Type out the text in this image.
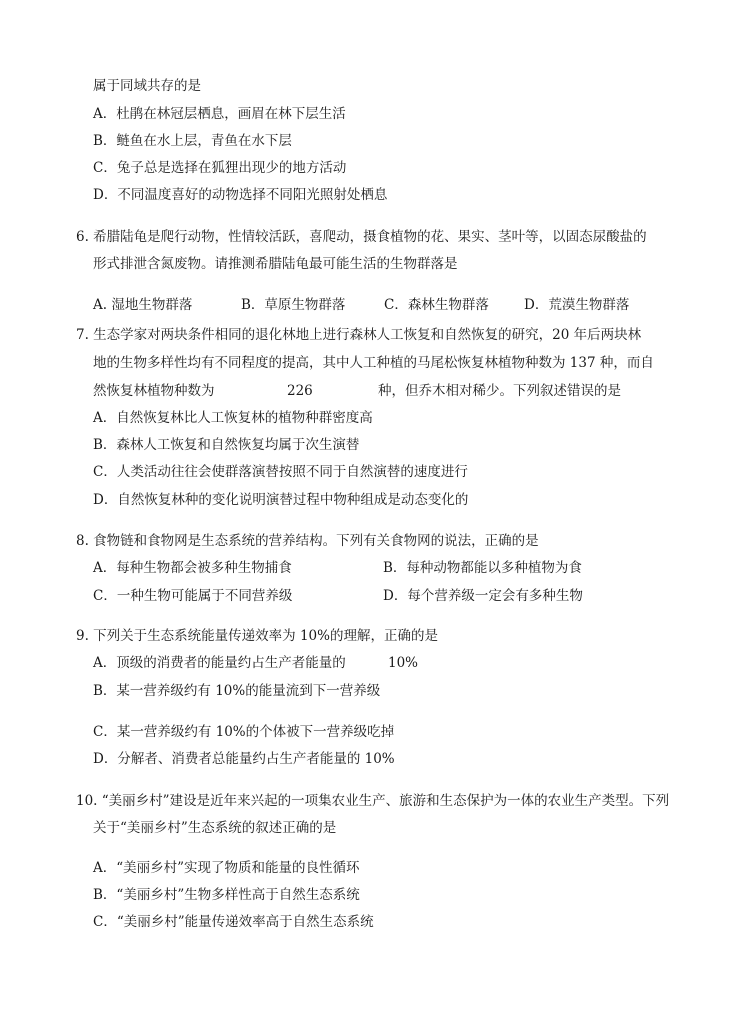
属于同域共存的是
A．杜鹃在林冠层栖息，画眉在林下层生活
B．鲢鱼在水上层，青鱼在水下层
C．兔子总是选择在狐狸出现少的地方活动
D．不同温度喜好的动物选择不同阳光照射处栖息
6. 希腊陆龟是爬行动物，性情较活跃，喜爬动，摄食植物的花、果实、茎叶等，以固态尿酸盐的
形式排泄含氮废物。请推测希腊陆龟最可能生活的生物群落是
A. 湿地生物群落	B．草原生物群落	C．森林生物群落	D．荒漠生物群落
7. 生态学家对两块条件相同的退化林地上进行森林人工恢复和自然恢复的研究，20 年后两块林
地的生物多样性均有不同程度的提高，其中人工种植的马尾松恢复林植物种数为 137 种，而自
然恢复林植物种数为	226	种，但乔木相对稀少。下列叙述错误的是
A．自然恢复林比人工恢复林的植物种群密度高
B．森林人工恢复和自然恢复均属于次生演替
C．人类活动往往会使群落演替按照不同于自然演替的速度进行
D．自然恢复林种的变化说明演替过程中物种组成是动态变化的
8. 食物链和食物网是生态系统的营养结构。下列有关食物网的说法，正确的是
A．每种生物都会被多种生物捕食	B．每种动物都能以多种植物为食
C．一种生物可能属于不同营养级	D．每个营养级一定会有多种生物
9. 下列关于生态系统能量传递效率为 10%的理解，正确的是
A．顶级的消费者的能量约占生产者能量的	10%
B．某一营养级约有 10%的能量流到下一营养级
C．某一营养级约有 10%的个体被下一营养级吃掉
D．分解者、消费者总能量约占生产者能量的 10%
10. “美丽乡村”建设是近年来兴起的一项集农业生产、旅游和生态保护为一体的农业生产类型。下列
关于“美丽乡村”生态系统的叙述正确的是
A．“美丽乡村”实现了物质和能量的良性循环
B．“美丽乡村”生物多样性高于自然生态系统
C．“美丽乡村”能量传递效率高于自然生态系统
